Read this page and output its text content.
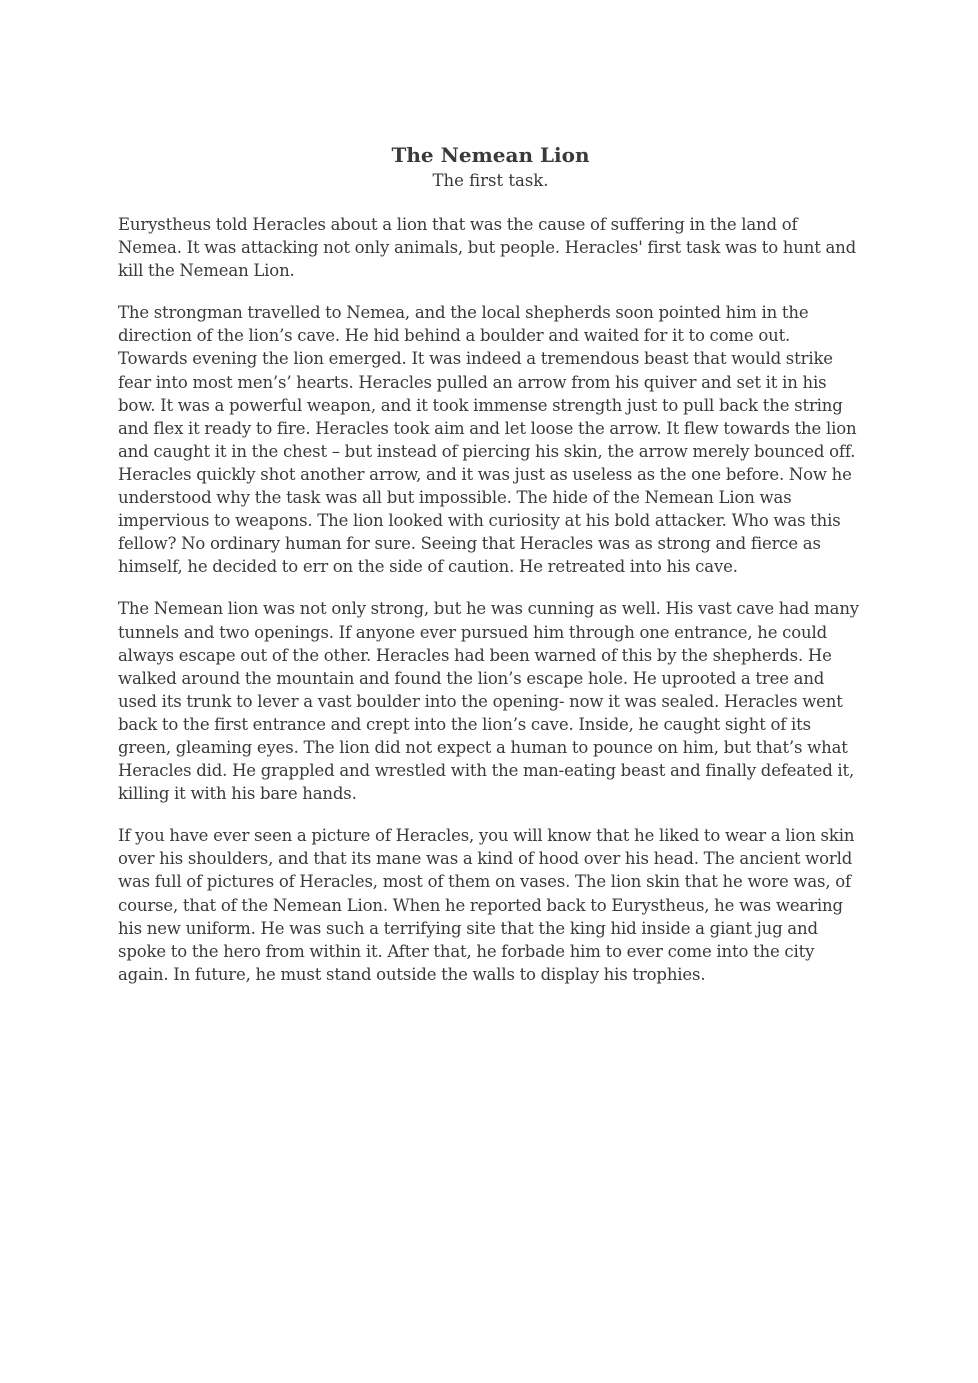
The Nemean Lion

The first task.

Eurystheus told Heracles about a lion that was the cause of suffering in the land of Nemea. It was attacking not only animals, but people. Heracles' first task was to hunt and kill the Nemean Lion.

The strongman travelled to Nemea, and the local shepherds soon pointed him in the direction of the lion’s cave. He hid behind a boulder and waited for it to come out. Towards evening the lion emerged. It was indeed a tremendous beast that would strike fear into most men’s’ hearts. Heracles pulled an arrow from his quiver and set it in his bow. It was a powerful weapon, and it took immense strength just to pull back the string and flex it ready to fire. Heracles took aim and let loose the arrow. It flew towards the lion and caught it in the chest – but instead of piercing his skin, the arrow merely bounced off. Heracles quickly shot another arrow, and it was just as useless as the one before. Now he understood why the task was all but impossible. The hide of the Nemean Lion was impervious to weapons. The lion looked with curiosity at his bold attacker. Who was this fellow? No ordinary human for sure. Seeing that Heracles was as strong and fierce as himself, he decided to err on the side of caution. He retreated into his cave.

The Nemean lion was not only strong, but he was cunning as well. His vast cave had many tunnels and two openings. If anyone ever pursued him through one entrance, he could always escape out of the other. Heracles had been warned of this by the shepherds. He walked around the mountain and found the lion’s escape hole. He uprooted a tree and used its trunk to lever a vast boulder into the opening- now it was sealed. Heracles went back to the first entrance and crept into the lion’s cave. Inside, he caught sight of its green, gleaming eyes. The lion did not expect a human to pounce on him, but that’s what Heracles did. He grappled and wrestled with the man-eating beast and finally defeated it, killing it with his bare hands.

If you have ever seen a picture of Heracles, you will know that he liked to wear a lion skin over his shoulders, and that its mane was a kind of hood over his head. The ancient world was full of pictures of Heracles, most of them on vases. The lion skin that he wore was, of course, that of the Nemean Lion. When he reported back to Eurystheus, he was wearing his new uniform. He was such a terrifying site that the king hid inside a giant jug and spoke to the hero from within it. After that, he forbade him to ever come into the city again. In future, he must stand outside the walls to display his trophies.
